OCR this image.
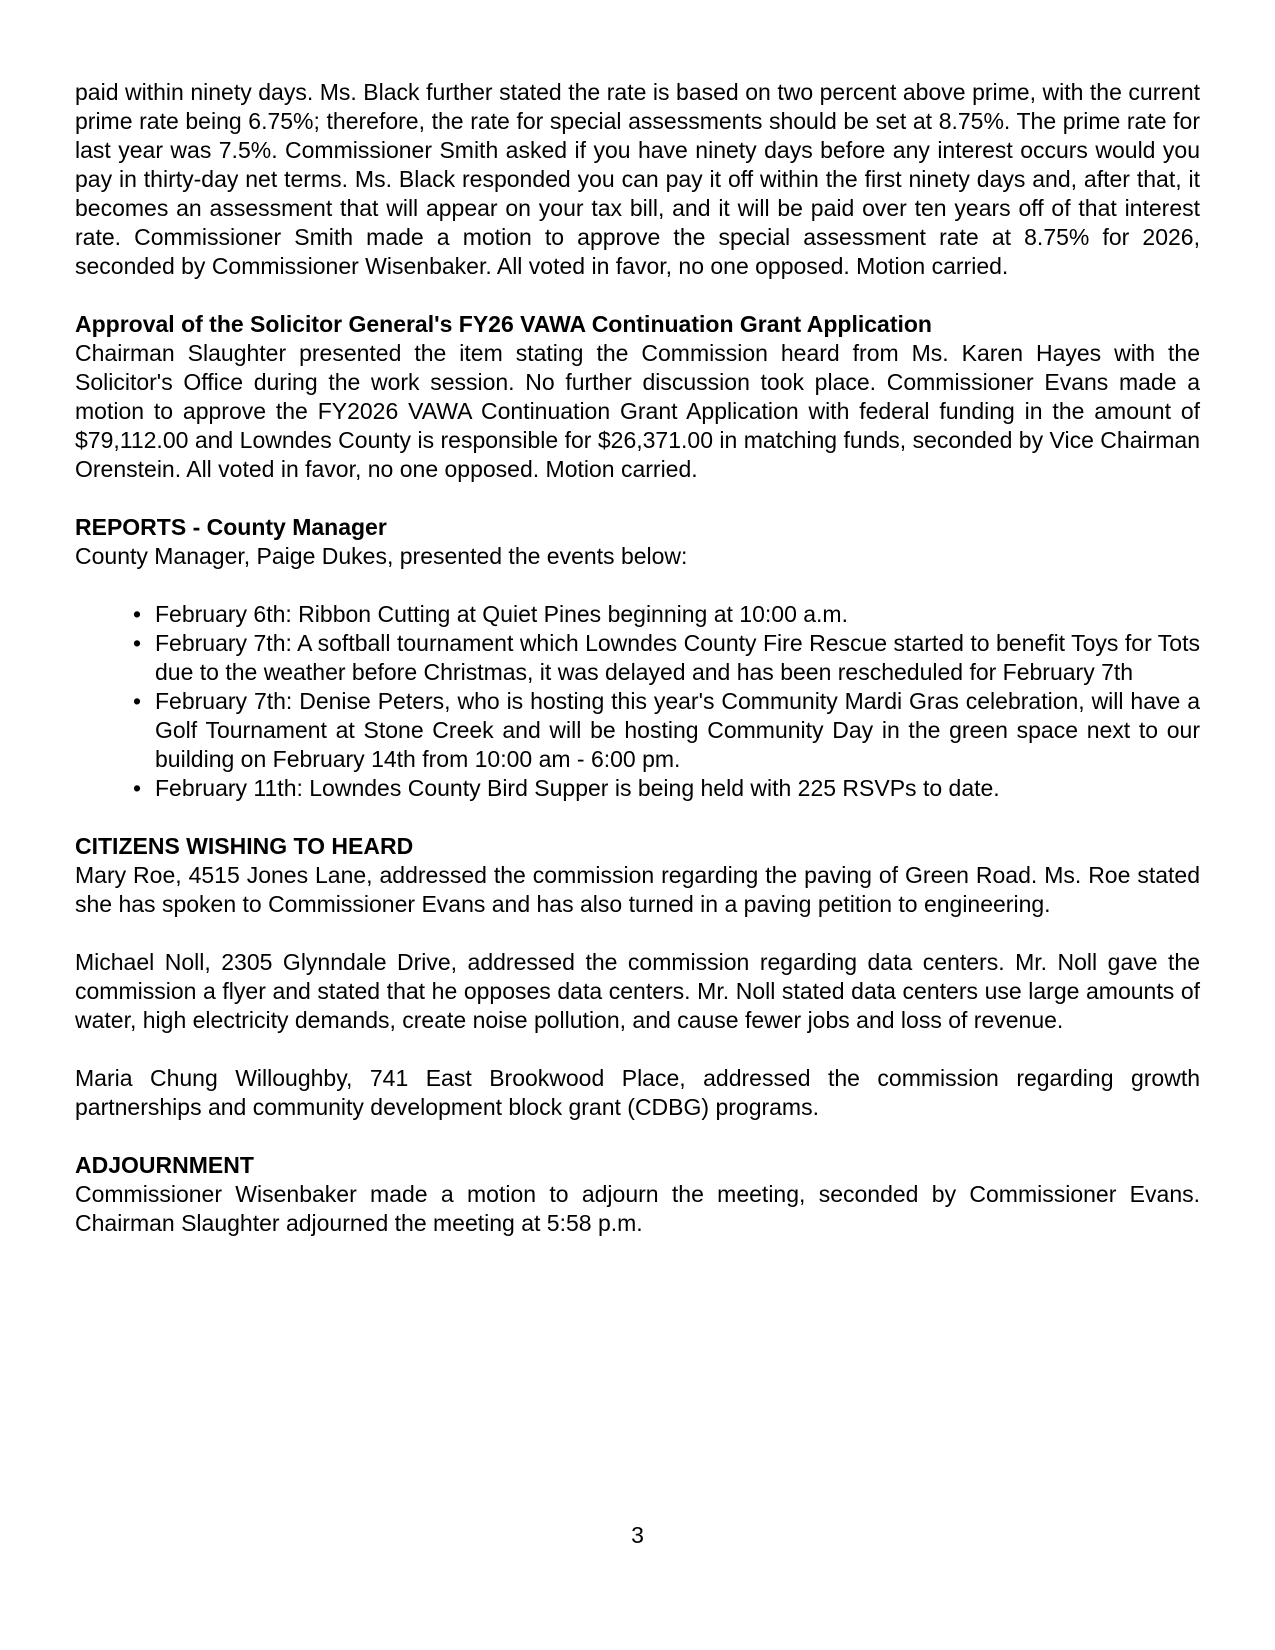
paid within ninety days. Ms. Black further stated the rate is based on two percent above prime, with the current prime rate being 6.75%; therefore, the rate for special assessments should be set at 8.75%. The prime rate for last year was 7.5%. Commissioner Smith asked if you have ninety days before any interest occurs would you pay in thirty-day net terms. Ms. Black responded you can pay it off within the first ninety days and, after that, it becomes an assessment that will appear on your tax bill, and it will be paid over ten years off of that interest rate. Commissioner Smith made a motion to approve the special assessment rate at 8.75% for 2026, seconded by Commissioner Wisenbaker. All voted in favor, no one opposed. Motion carried.

Approval of the Solicitor General's FY26 VAWA Continuation Grant Application

Chairman Slaughter presented the item stating the Commission heard from Ms. Karen Hayes with the Solicitor's Office during the work session. No further discussion took place. Commissioner Evans made a motion to approve the FY2026 VAWA Continuation Grant Application with federal funding in the amount of $79,112.00 and Lowndes County is responsible for $26,371.00 in matching funds, seconded by Vice Chairman Orenstein. All voted in favor, no one opposed. Motion carried.

REPORTS - County Manager

County Manager, Paige Dukes, presented the events below:

• February 6th: Ribbon Cutting at Quiet Pines beginning at 10:00 a.m.
• February 7th: A softball tournament which Lowndes County Fire Rescue started to benefit Toys for Tots due to the weather before Christmas, it was delayed and has been rescheduled for February 7th
• February 7th: Denise Peters, who is hosting this year's Community Mardi Gras celebration, will have a Golf Tournament at Stone Creek and will be hosting Community Day in the green space next to our building on February 14th from 10:00 am - 6:00 pm.
• February 11th: Lowndes County Bird Supper is being held with 225 RSVPs to date.
CITIZENS WISHING TO HEARD

Mary Roe, 4515 Jones Lane, addressed the commission regarding the paving of Green Road. Ms. Roe stated she has spoken to Commissioner Evans and has also turned in a paving petition to engineering.

Michael Noll, 2305 Glynndale Drive, addressed the commission regarding data centers. Mr. Noll gave the commission a flyer and stated that he opposes data centers. Mr. Noll stated data centers use large amounts of water, high electricity demands, create noise pollution, and cause fewer jobs and loss of revenue.

Maria Chung Willoughby, 741 East Brookwood Place, addressed the commission regarding growth partnerships and community development block grant (CDBG) programs.

ADJOURNMENT

Commissioner Wisenbaker made a motion to adjourn the meeting, seconded by Commissioner Evans. Chairman Slaughter adjourned the meeting at 5:58 p.m.

3
